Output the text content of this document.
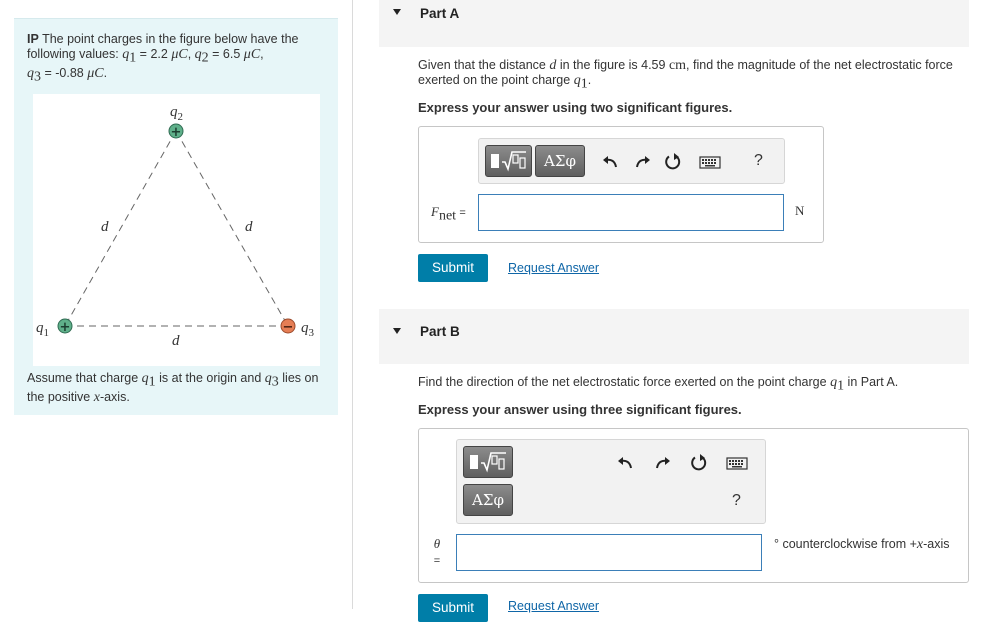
IP The point charges in the figure below have the following values: $q_1 = 2.2$ μC, $q_2 = 6.5$ μC,
$q_3 = -0.88$ μC.
+
+	−
$q_2$
$q_1$	$q_3$
d	d
d
Assume that charge $q_1$ is at the origin and $q_3$ lies on the positive x-axis.
Part A
Given that the distance d in the figure is 4.59 cm, find the magnitude of the net electrostatic force exerted on the point charge $q_1$.
Express your answer using two significant figures.
ΑΣφ	?
$F_{net}$ =	N
Submit	Request Answer
Part B
Find the direction of the net electrostatic force exerted on the point charge $q_1$ in Part A.
Express your answer using three significant figures.
ΑΣφ	?
θ
=
° counterclockwise from +x-axis
Submit	Request Answer
